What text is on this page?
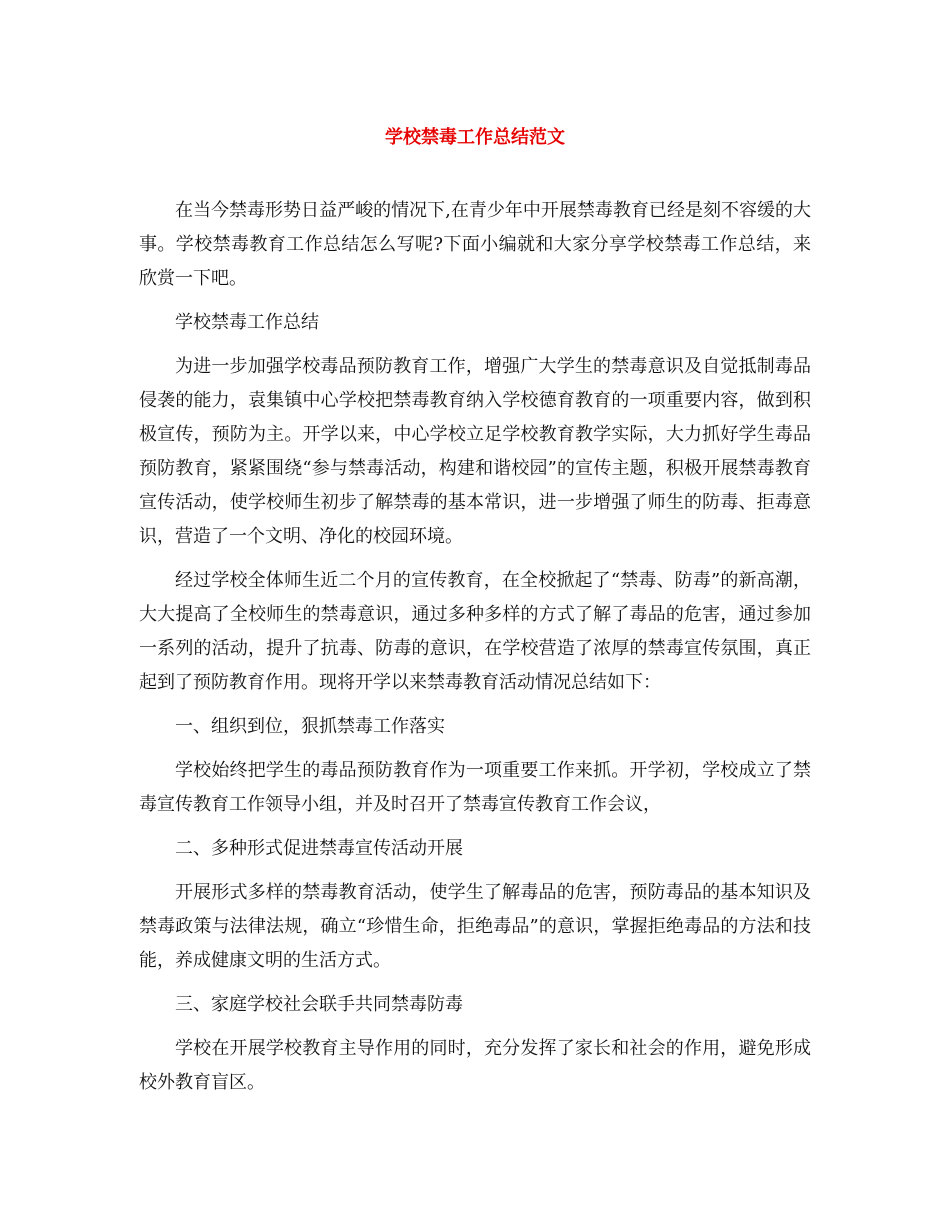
学校禁毒工作总结范文

在当今禁毒形势日益严峻的情况下,在青少年中开展禁毒教育已经是刻不容缓的大事。学校禁毒教育工作总结怎么写呢?下面小编就和大家分享学校禁毒工作总结，来欣赏一下吧。

学校禁毒工作总结

为进一步加强学校毒品预防教育工作，增强广大学生的禁毒意识及自觉抵制毒品侵袭的能力，袁集镇中心学校把禁毒教育纳入学校德育教育的一项重要内容，做到积极宣传，预防为主。开学以来，中心学校立足学校教育教学实际，大力抓好学生毒品预防教育，紧紧围绕“参与禁毒活动，构建和谐校园”的宣传主题，积极开展禁毒教育宣传活动，使学校师生初步了解禁毒的基本常识，进一步增强了师生的防毒、拒毒意识，营造了一个文明、净化的校园环境。

经过学校全体师生近二个月的宣传教育，在全校掀起了“禁毒、防毒”的新高潮，大大提高了全校师生的禁毒意识，通过多种多样的方式了解了毒品的危害，通过参加一系列的活动，提升了抗毒、防毒的意识，在学校营造了浓厚的禁毒宣传氛围，真正起到了预防教育作用。现将开学以来禁毒教育活动情况总结如下：

一、组织到位，狠抓禁毒工作落实

学校始终把学生的毒品预防教育作为一项重要工作来抓。开学初，学校成立了禁毒宣传教育工作领导小组，并及时召开了禁毒宣传教育工作会议，

二、多种形式促进禁毒宣传活动开展

开展形式多样的禁毒教育活动，使学生了解毒品的危害，预防毒品的基本知识及禁毒政策与法律法规，确立“珍惜生命，拒绝毒品”的意识，掌握拒绝毒品的方法和技能，养成健康文明的生活方式。

三、家庭学校社会联手共同禁毒防毒

学校在开展学校教育主导作用的同时，充分发挥了家长和社会的作用，避免形成校外教育盲区。
